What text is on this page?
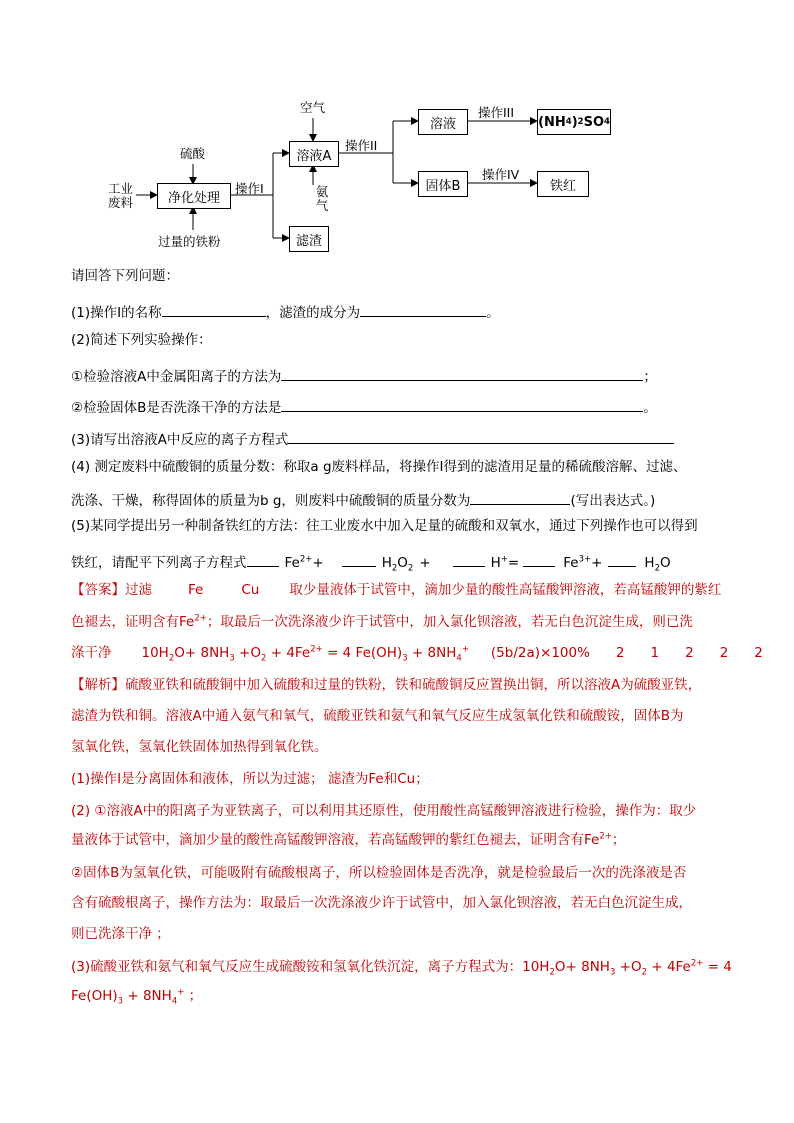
工业
废料
硫酸
过量的铁粉
净化处理
操作I
溶液A
滤渣
空气
氨
气
操作II
溶液
固体B
操作III
操作IV
(NH 4 ) 2 SO 4
铁红
请回答下列问题：
(1)操作Ⅰ的名称	，滤渣的成分为	。
(2)简述下列实验操作：
①检验溶液A中金属阳离子的方法为	；
②检验固体B是否洗涤干净的方法是	。
(3)请写出溶液A中反应的离子方程式
(4) 测定废料中硫酸铜的质量分数：称取a g废料样品，将操作Ⅰ得到的滤渣用足量的稀硫酸溶解、过滤、
洗涤、干燥，称得固体的质量为b g，则废料中硫酸铜的质量分数为	(写出表达式。)
(5)某同学提出另一种制备铁红的方法：往工业废水中加入足量的硫酸和双氧水，通过下列操作也可以得到
铁红，请配平下列离子方程式	$Fe^{2+}+$	$H_2O_2$ +	H+=	$Fe^{3+}+$	$H_2O$
【答案】过滤	Fe	Cu 取少量液体于试管中，滴加少量的酸性高锰酸钾溶液，若高锰酸钾的紫红
色褪去，证明含有$Fe^{2+}$；取最后一次洗涤液少许于试管中，加入氯化钡溶液，若无白色沉淀生成，则已洗
涤干净 $10H_2O+ 8NH_3 +O_2 + 4Fe^{2+} = 4$ $Fe(OH)_3 + 8NH_4^+$ (5b/2a)×100% 2 1 2 2 2
【解析】硫酸亚铁和硫酸铜中加入硫酸和过量的铁粉，铁和硫酸铜反应置换出铜，所以溶液A为硫酸亚铁，
滤渣为铁和铜。溶液A中通入氨气和氧气，硫酸亚铁和氨气和氧气反应生成氢氧化铁和硫酸铵，固体B为
氢氧化铁，氢氧化铁固体加热得到氧化铁。
(1)操作Ⅰ是分离固体和液体，所以为过滤； 滤渣为Fe和Cu；
(2) ①溶液A中的阳离子为亚铁离子，可以利用其还原性，使用酸性高锰酸钾溶液进行检验，操作为：取少
量液体于试管中，滴加少量的酸性高锰酸钾溶液，若高锰酸钾的紫红色褪去，证明含有$Fe^{2+}$；
②固体B为氢氧化铁，可能吸附有硫酸根离子，所以检验固体是否洗净，就是检验最后一次的洗涤液是否
含有硫酸根离子，操作方法为：取最后一次洗涤液少许于试管中，加入氯化钡溶液，若无白色沉淀生成，
则已洗涤干净 ；
(3)硫酸亚铁和氨气和氧气反应生成硫酸铵和氢氧化铁沉淀，离子方程式为：$10H_2O+ 8NH_3 +O_2 + 4Fe^{2+} = 4$
$Fe(OH)_3 + 8NH_4^+$ ；
